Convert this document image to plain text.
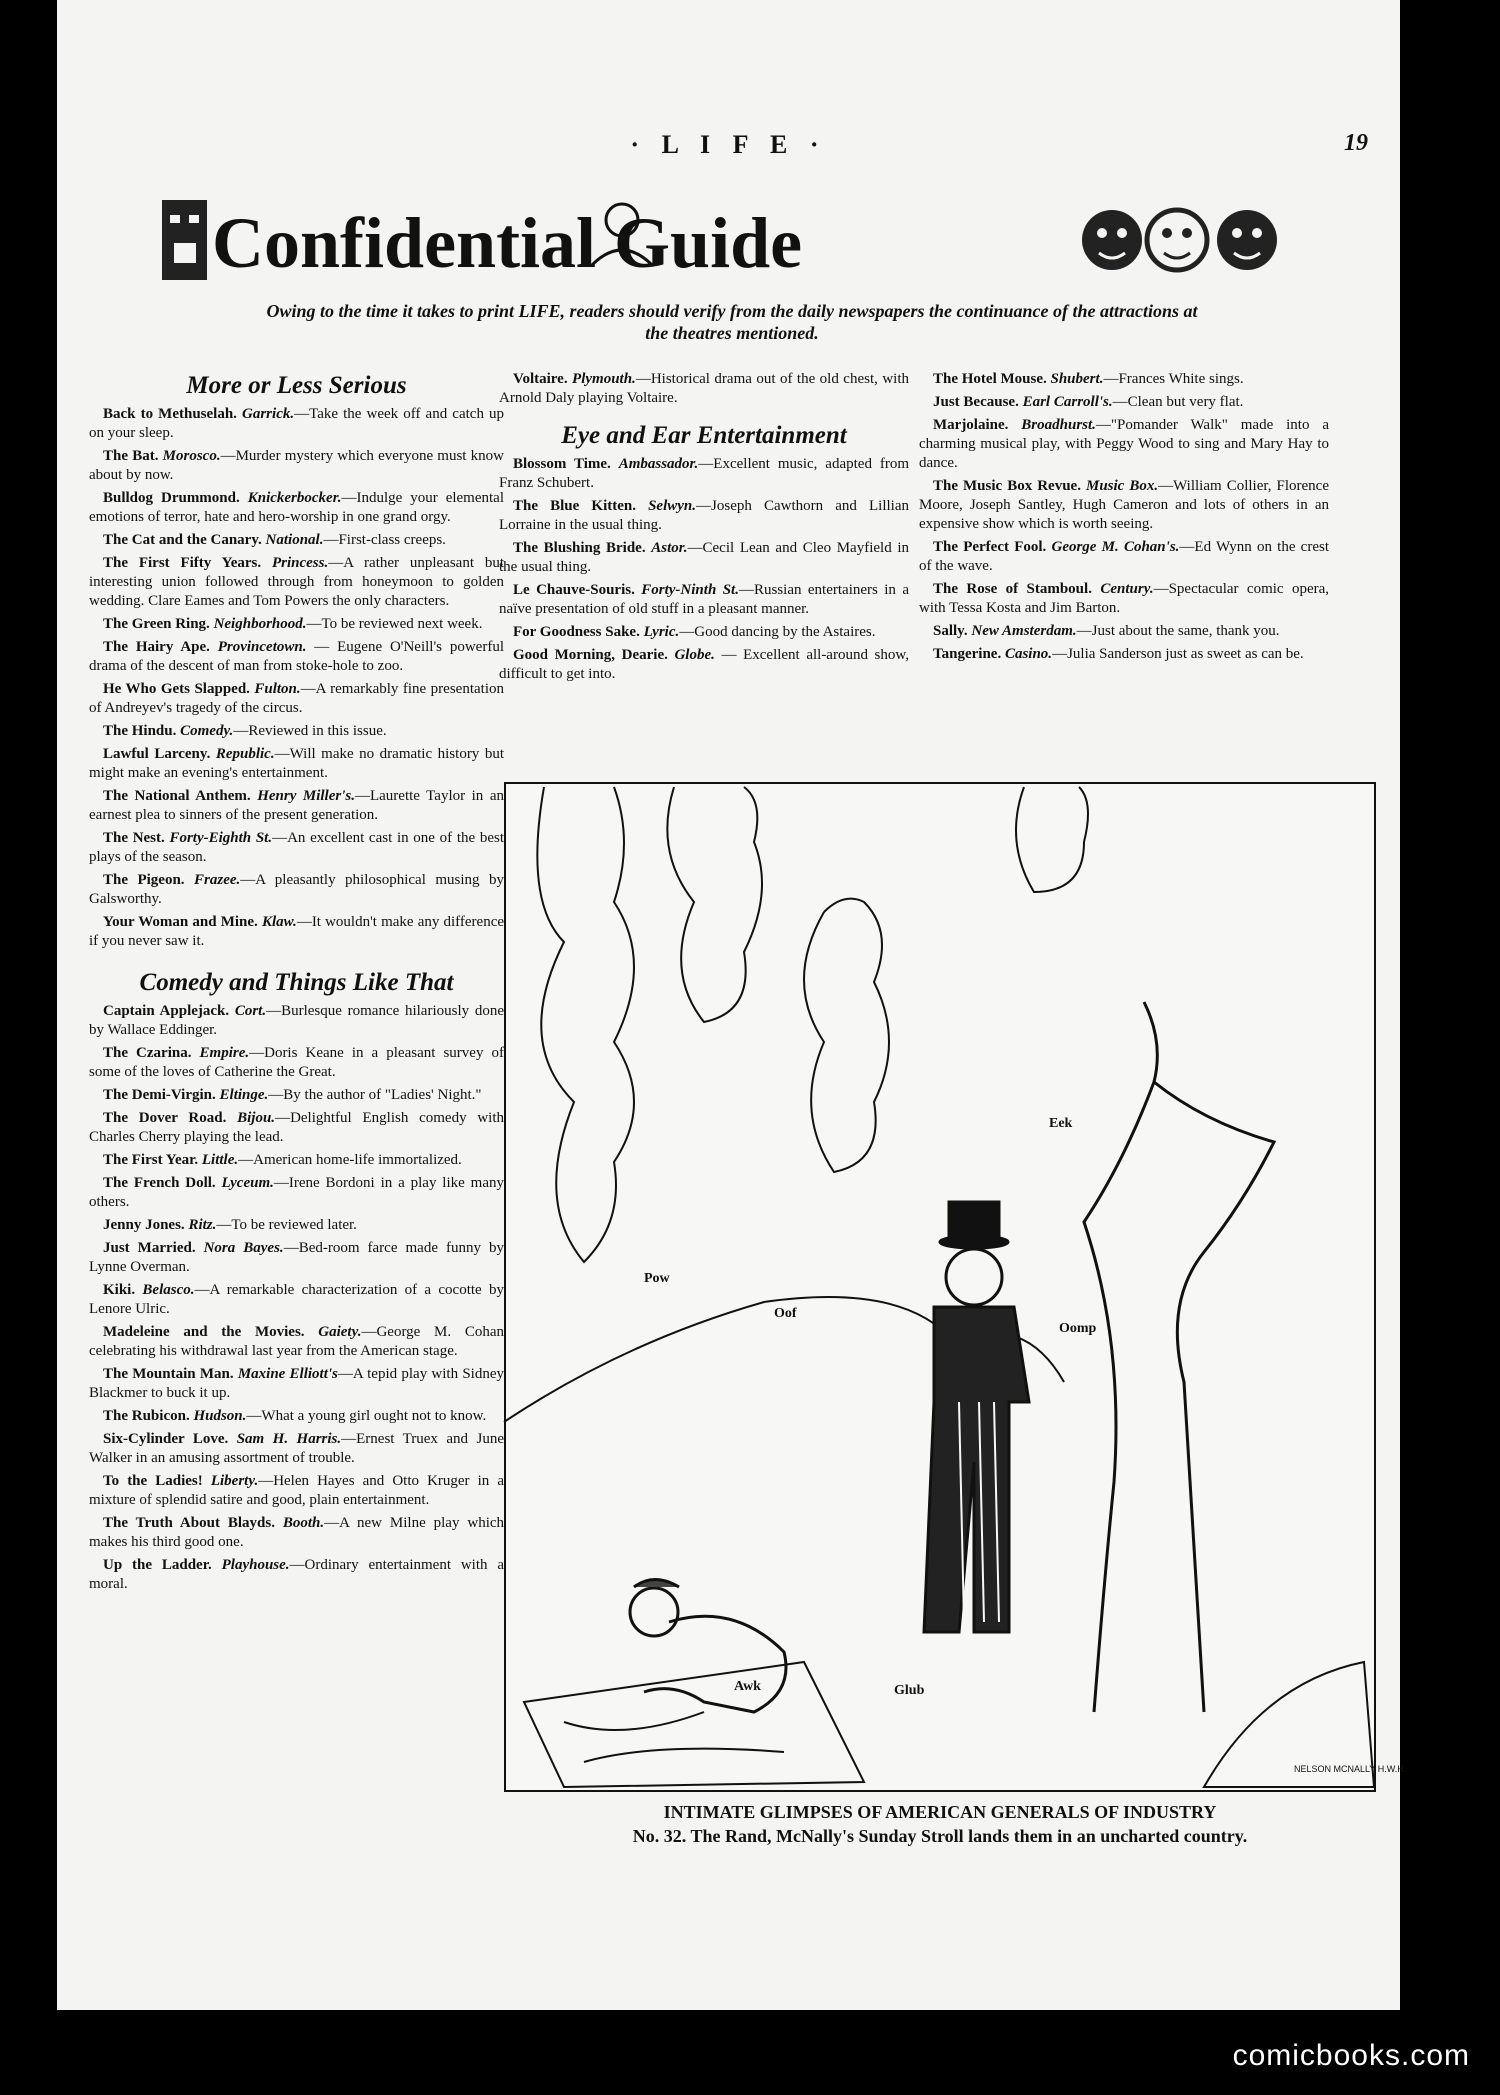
· L I F E ·	19
Confidential Guide
Owing to the time it takes to print LIFE, readers should verify from the daily newspapers the continuance of the attractions at the theatres mentioned.
More or Less Serious
Back to Methuselah. Garrick.—Take the week off and catch up on your sleep.
The Bat. Morosco.—Murder mystery which everyone must know about by now.
Bulldog Drummond. Knickerbocker.—Indulge your elemental emotions of terror, hate and hero-worship in one grand orgy.
The Cat and the Canary. National.—First-class creeps.
The First Fifty Years. Princess.—A rather unpleasant but interesting union followed through from honeymoon to golden wedding. Clare Eames and Tom Powers the only characters.
The Green Ring. Neighborhood.—To be reviewed next week.
The Hairy Ape. Provincetown. — Eugene O'Neill's powerful drama of the descent of man from stoke-hole to zoo.
He Who Gets Slapped. Fulton.—A remarkably fine presentation of Andreyev's tragedy of the circus.
The Hindu. Comedy.—Reviewed in this issue.
Lawful Larceny. Republic.—Will make no dramatic history but might make an evening's entertainment.
The National Anthem. Henry Miller's.—Laurette Taylor in an earnest plea to sinners of the present generation.
The Nest. Forty-Eighth St.—An excellent cast in one of the best plays of the season.
The Pigeon. Frazee.—A pleasantly philosophical musing by Galsworthy.
Your Woman and Mine. Klaw.—It wouldn't make any difference if you never saw it.
Comedy and Things Like That
Captain Applejack. Cort.—Burlesque romance hilariously done by Wallace Eddinger.
The Czarina. Empire.—Doris Keane in a pleasant survey of some of the loves of Catherine the Great.
The Demi-Virgin. Eltinge.—By the author of "Ladies' Night."
The Dover Road. Bijou.—Delightful English comedy with Charles Cherry playing the lead.
The First Year. Little.—American home-life immortalized.
The French Doll. Lyceum.—Irene Bordoni in a play like many others.
Jenny Jones. Ritz.—To be reviewed later.
Just Married. Nora Bayes.—Bed-room farce made funny by Lynne Overman.
Kiki. Belasco.—A remarkable characterization of a cocotte by Lenore Ulric.
Madeleine and the Movies. Gaiety.—George M. Cohan celebrating his withdrawal last year from the American stage.
The Mountain Man. Maxine Elliott's—A tepid play with Sidney Blackmer to buck it up.
The Rubicon. Hudson.—What a young girl ought not to know.
Six-Cylinder Love. Sam H. Harris.—Ernest Truex and June Walker in an amusing assortment of trouble.
To the Ladies! Liberty.—Helen Hayes and Otto Kruger in a mixture of splendid satire and good, plain entertainment.
The Truth About Blayds. Booth.—A new Milne play which makes his third good one.
Up the Ladder. Playhouse.—Ordinary entertainment with a moral.
Voltaire. Plymouth.—Historical drama out of the old chest, with Arnold Daly playing Voltaire.
Eye and Ear Entertainment
Blossom Time. Ambassador.—Excellent music, adapted from Franz Schubert.
The Blue Kitten. Selwyn.—Joseph Cawthorn and Lillian Lorraine in the usual thing.
The Blushing Bride. Astor.—Cecil Lean and Cleo Mayfield in the usual thing.
Le Chauve-Souris. Forty-Ninth St.—Russian entertainers in a naïve presentation of old stuff in a pleasant manner.
For Goodness Sake. Lyric.—Good dancing by the Astaires.
Good Morning, Dearie. Globe. — Excellent all-around show, difficult to get into.
The Hotel Mouse. Shubert.—Frances White sings.
Just Because. Earl Carroll's.—Clean but very flat.
Marjolaine. Broadhurst.—"Pomander Walk" made into a charming musical play, with Peggy Wood to sing and Mary Hay to dance.
The Music Box Revue. Music Box.—William Collier, Florence Moore, Joseph Santley, Hugh Cameron and lots of others in an expensive show which is worth seeing.
The Perfect Fool. George M. Cohan's.—Ed Wynn on the crest of the wave.
The Rose of Stamboul. Century.—Spectacular comic opera, with Tessa Kosta and Jim Barton.
Sally. New Amsterdam.—Just about the same, thank you.
Tangerine. Casino.—Julia Sanderson just as sweet as can be.
Pow
Oof
Eek
Oomp
Awk	Glub
NELSON MCNALLY H.W.H.
INTIMATE GLIMPSES OF AMERICAN GENERALS OF INDUSTRY
No. 32. The Rand, McNally's Sunday Stroll lands them in an uncharted country.
comicbooks.com
